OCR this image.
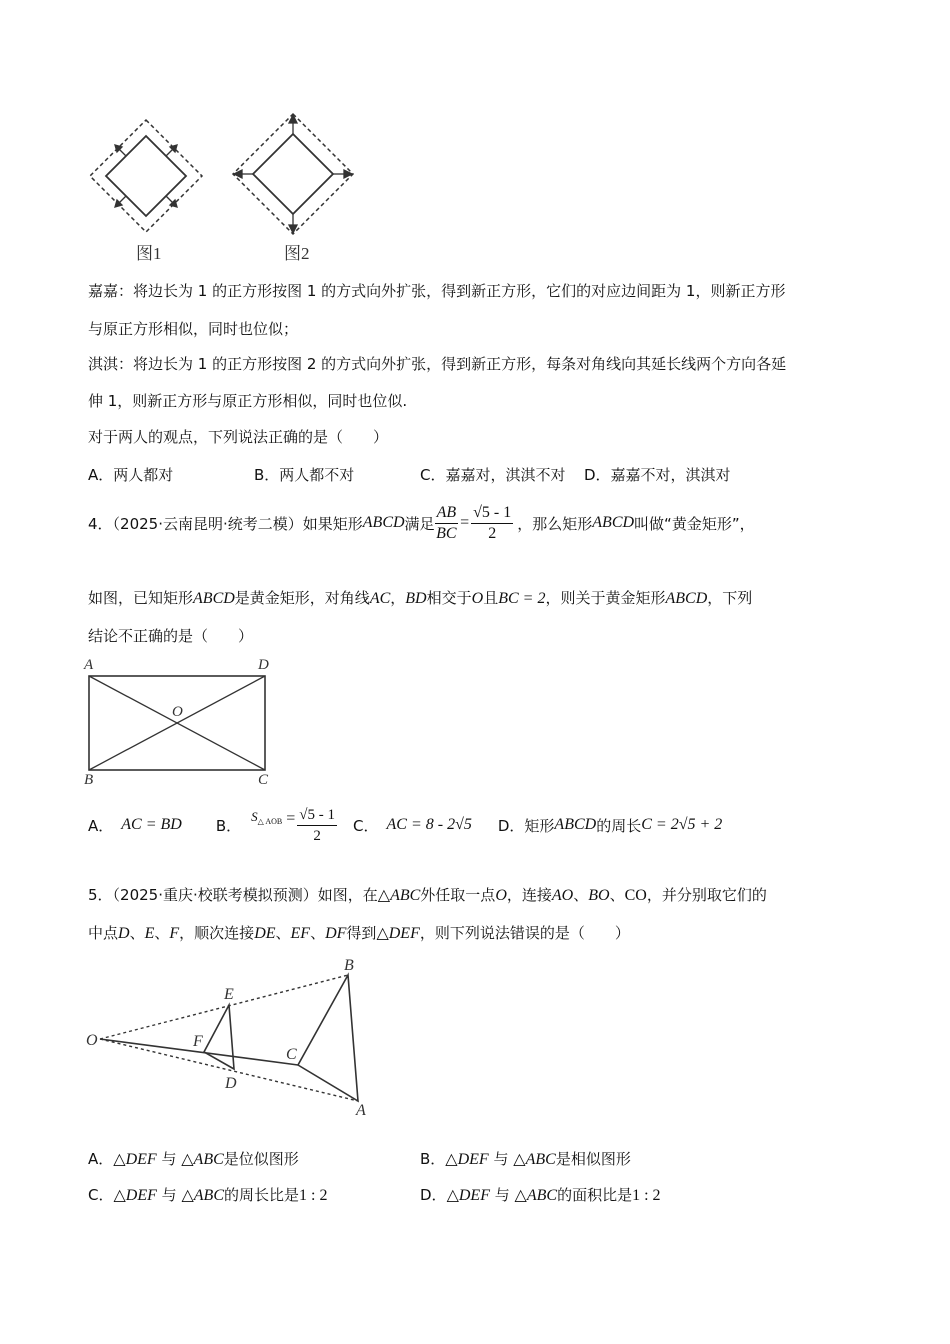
图1	图2
嘉嘉：将边长为 1 的正方形按图 1 的方式向外扩张，得到新正方形，它们的对应边间距为 1，则新正方形
与原正方形相似，同时也位似；
淇淇：将边长为 1 的正方形按图 2 的方式向外扩张，得到新正方形，每条对角线向其延长线两个方向各延
伸 1，则新正方形与原正方形相似，同时也位似.
对于两人的观点，下列说法正确的是（　　）
A．两人都对	B．两人都不对	C．嘉嘉对，淇淇不对 D．嘉嘉不对，淇淇对
4．（2025·云南昆明·统考二模）如果矩形 ABCD 满足 $\frac{AB}{BC} = \frac{√5 - 1}{2}$ ，那么矩形 ABCD 叫做“黄金矩形”，
如图，已知矩形ABCD是黄金矩形，对角线AC，BD相交于O且BC = 2，则关于黄金矩形ABCD，下列
结论不正确的是（　　）
A	D
O
B	C
A． AC = BD B． S △ AOB = $\frac{√5 - 1}{2}$ C． AC = 8 - 2√5 D．矩形 ABCD 的周长 C = 2√5 + 2
5．（2025·重庆·校联考模拟预测）如图，在△ABC外任取一点O，连接AO、BO、CO，并分别取它们的
中点D、E、F，顺次连接DE、EF、DF得到△DEF，则下列说法错误的是（　　）
O
E
F
D
C
B
A
A．△DEF 与 △ABC是位似图形	B．△DEF 与 △ABC是相似图形
C．△DEF 与 △ABC的周长比是1 : 2	D．△DEF 与 △ABC的面积比是1 : 2
